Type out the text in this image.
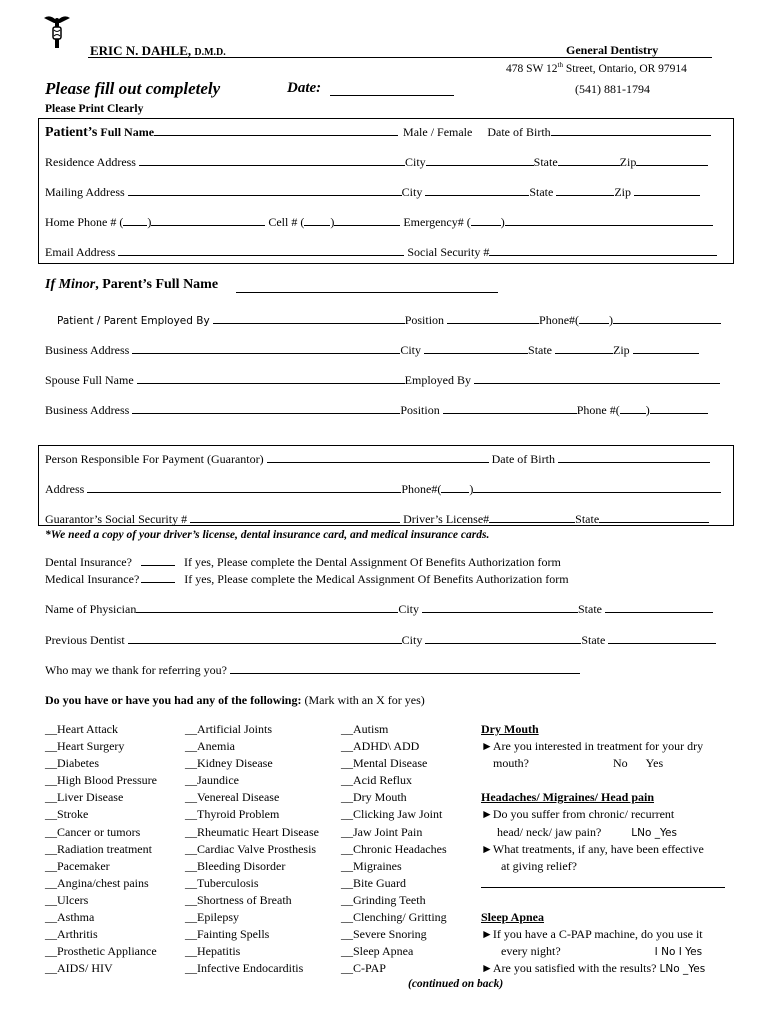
ERIC N. DAHLE, D.M.D.	General Dentistry
478 SW 12th Street, Ontario, OR 97914
(541) 881-1794
Please fill out completely	Date:
Please Print Clearly
Patient’s Full Name	Male / Female Date of Birth
Residence Address	City	State	Zip
Mailing Address	City	State	Zip
Home Phone # ( )	Cell # ( )	Emergency# (	)
Email Address	Social Security #
If Minor, Parent’s Full Name
Patient / Parent Employed By	Position	Phone#(	)
Business Address	City	State	Zip
Spouse Full Name	Employed By
Business Address	Position	Phone #( )
Person Responsible For Payment (Guarantor)	Date of Birth
Address	Phone#( )
Guarantor’s Social Security #	Driver’s License#	State
*We need a copy of your driver’s license, dental insurance card, and medical insurance cards.
Dental Insurance?	If yes, Please complete the Dental Assignment Of Benefits Authorization form
Medical Insurance?	If yes, Please complete the Medical Assignment Of Benefits Authorization form
Name of Physician	City	State
Previous Dentist	City	State
Who may we thank for referring you?
Do you have or have you had any of the following: (Mark with an X for yes)
__Heart Attack
__Heart Surgery
__Diabetes
__High Blood Pressure
__Liver Disease
__Stroke
__Cancer or tumors
__Radiation treatment
__Pacemaker
__Angina/chest pains
__Ulcers
__Asthma
__Arthritis
__Prosthetic Appliance
__AIDS/ HIV
__Artificial Joints
__Anemia
__Kidney Disease
__Jaundice
__Venereal Disease
__Thyroid Problem
__Rheumatic Heart Disease
__Cardiac Valve Prosthesis
__Bleeding Disorder
__Tuberculosis
__Shortness of Breath
__Epilepsy
__Fainting Spells
__Hepatitis
__Infective Endocarditis
__Autism
__ADHD\ ADD
__Mental Disease
__Acid Reflux
__Dry Mouth
__Clicking Jaw Joint
__Jaw Joint Pain
__Chronic Headaches
__Migraines
__Bite Guard
__Grinding Teeth
__Clenching/ Gritting
__Severe Snoring
__Sleep Apnea
__C-PAP
Dry Mouth
►Are you interested in treatment for your dry
mouth?	No Yes
Headaches/ Migraines/ Head pain
►Do you suffer from chronic/ recurrent
head/ neck/ jaw pain?	LNo _Yes
►What treatments, if any, have been effective
at giving relief?
Sleep Apnea
►If you have a C-PAP machine, do you use it
every night?	I No I Yes
►Are you satisfied with the results? LNo _Yes
(continued on back)
